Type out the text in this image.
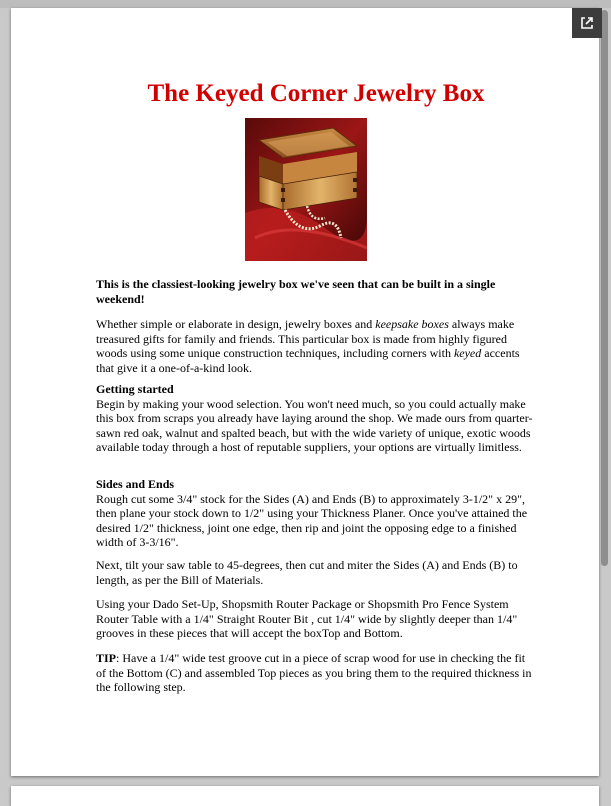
The Keyed Corner Jewelry Box

This is the classiest-looking jewelry box we've seen that can be built in a single weekend!

Whether simple or elaborate in design, jewelry boxes and keepsake boxes always make treasured gifts for family and friends. This particular box is made from highly figured woods using some unique construction techniques, including corners with keyed accents that give it a one-of-a-kind look.

Getting started
Begin by making your wood selection. You won't need much, so you could actually make this box from scraps you already have laying around the shop. We made ours from quarter-sawn red oak, walnut and spalted beach, but with the wide variety of unique, exotic woods available today through a host of reputable suppliers, your options are virtually limitless.

Sides and Ends
Rough cut some 3/4" stock for the Sides (A) and Ends (B) to approximately 3-1/2" x 29", then plane your stock down to 1/2" using your Thickness Planer. Once you've attained the desired 1/2" thickness, joint one edge, then rip and joint the opposing edge to a finished width of 3-3/16".

Next, tilt your saw table to 45-degrees, then cut and miter the Sides (A) and Ends (B) to length, as per the Bill of Materials.

Using your Dado Set-Up, Shopsmith Router Package or Shopsmith Pro Fence System Router Table with a 1/4" Straight Router Bit , cut 1/4" wide by slightly deeper than 1/4" grooves in these pieces that will accept the boxTop and Bottom.

TIP: Have a 1/4" wide test groove cut in a piece of scrap wood for use in checking the fit of the Bottom (C) and assembled Top pieces as you bring them to the required thickness in the following step.
